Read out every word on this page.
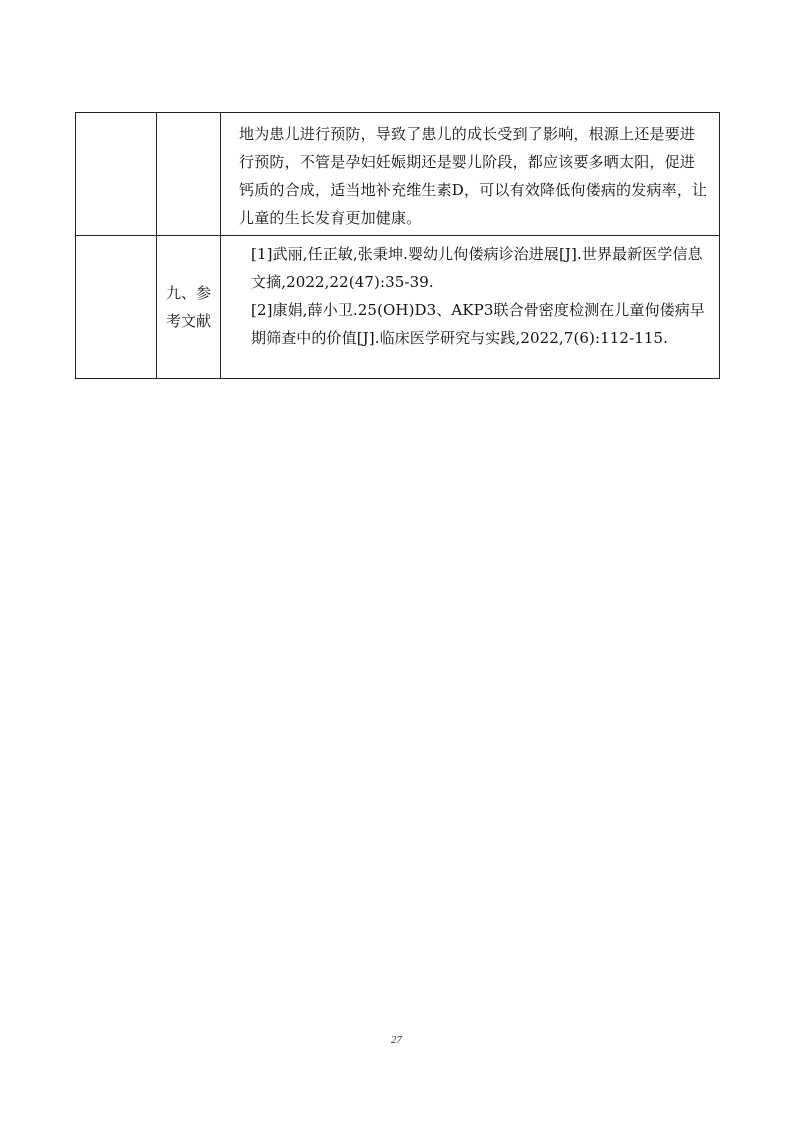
		地为患儿进行预防，导致了患儿的成长受到了影响，根源上还是要进行预防，不管是孕妇妊娠期还是婴儿阶段，都应该要多晒太阳，促进钙质的合成，适当地补充维生素D，可以有效降低佝偻病的发病率，让儿童的生长发育更加健康。

	九、参考文献	[1]武丽,任正敏,张秉坤.婴幼儿佝偻病诊治进展[J].世界最新医学信息文摘,2022,22(47):35-39.
[2]康娟,薛小卫.25(OH)D3、AKP3联合骨密度检测在儿童佝偻病早期筛查中的价值[J].临床医学研究与实践,2022,7(6):112-115.
27
